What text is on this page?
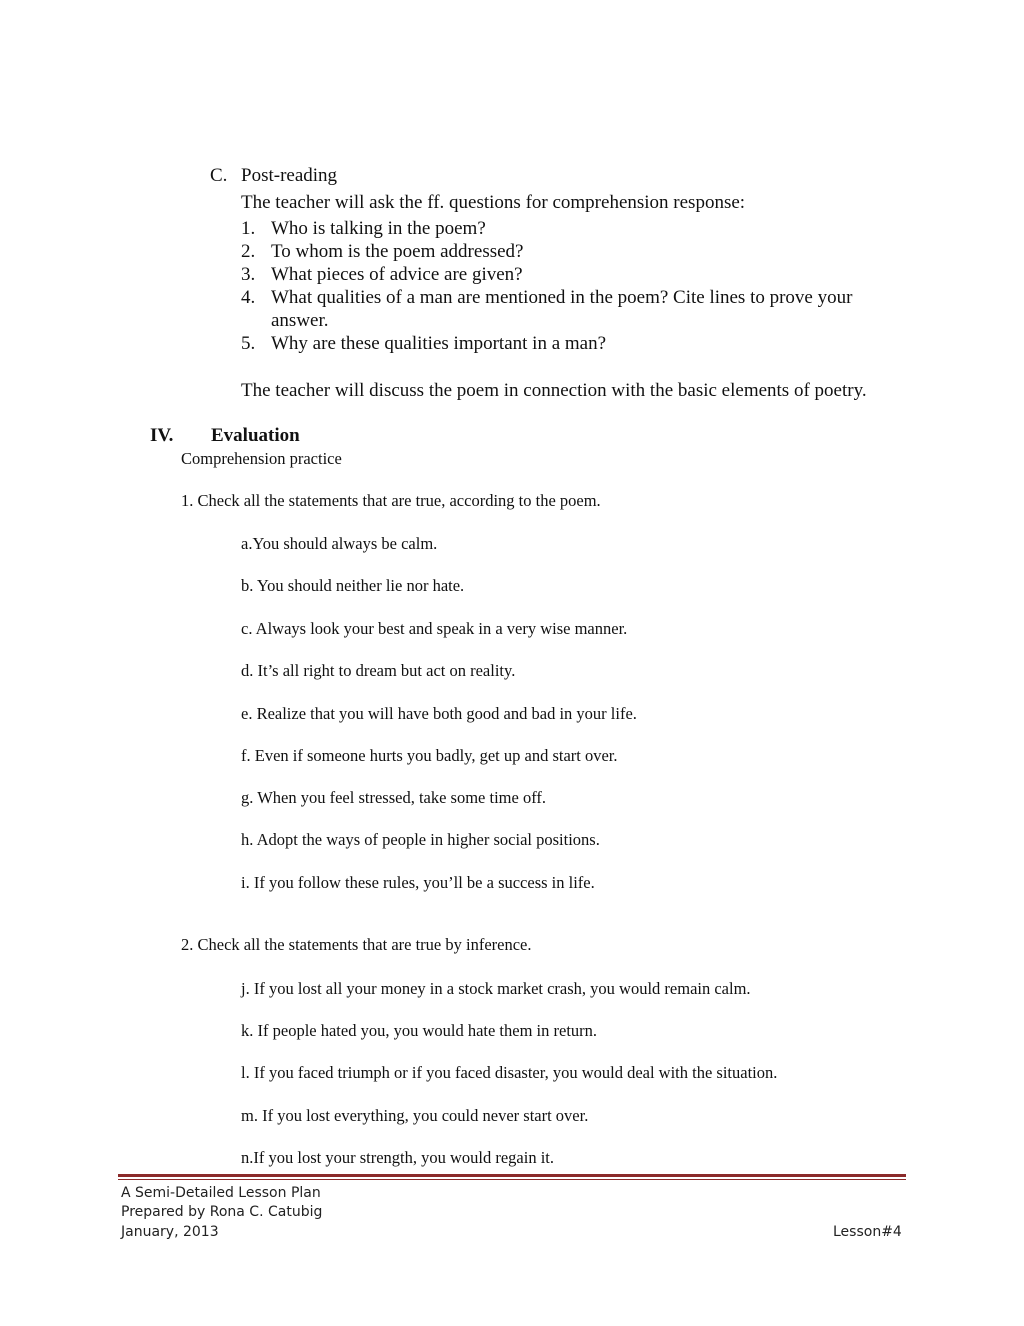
C. Post-reading
The teacher will ask the ff. questions for comprehension response:
1. Who is talking in the poem?
2. To whom is the poem addressed?
3. What pieces of advice are given?
4. What qualities of a man are mentioned in the poem? Cite lines to prove your
answer.
5. Why are these qualities important in a man?
The teacher will discuss the poem in connection with the basic elements of poetry.
IV. Evaluation
Comprehension practice
1. Check all the statements that are true, according to the poem.
a.You should always be calm.
b. You should neither lie nor hate.
c. Always look your best and speak in a very wise manner.
d. It’s all right to dream but act on reality.
e. Realize that you will have both good and bad in your life.
f. Even if someone hurts you badly, get up and start over.
g. When you feel stressed, take some time off.
h. Adopt the ways of people in higher social positions.
i. If you follow these rules, you’ll be a success in life.
2. Check all the statements that are true by inference.
j. If you lost all your money in a stock market crash, you would remain calm.
k. If people hated you, you would hate them in return.
l. If you faced triumph or if you faced disaster, you would deal with the situation.
m. If you lost everything, you could never start over.
n.If you lost your strength, you would regain it.
A Semi-Detailed Lesson Plan
Prepared by Rona C. Catubig
January, 2013	Lesson#4
